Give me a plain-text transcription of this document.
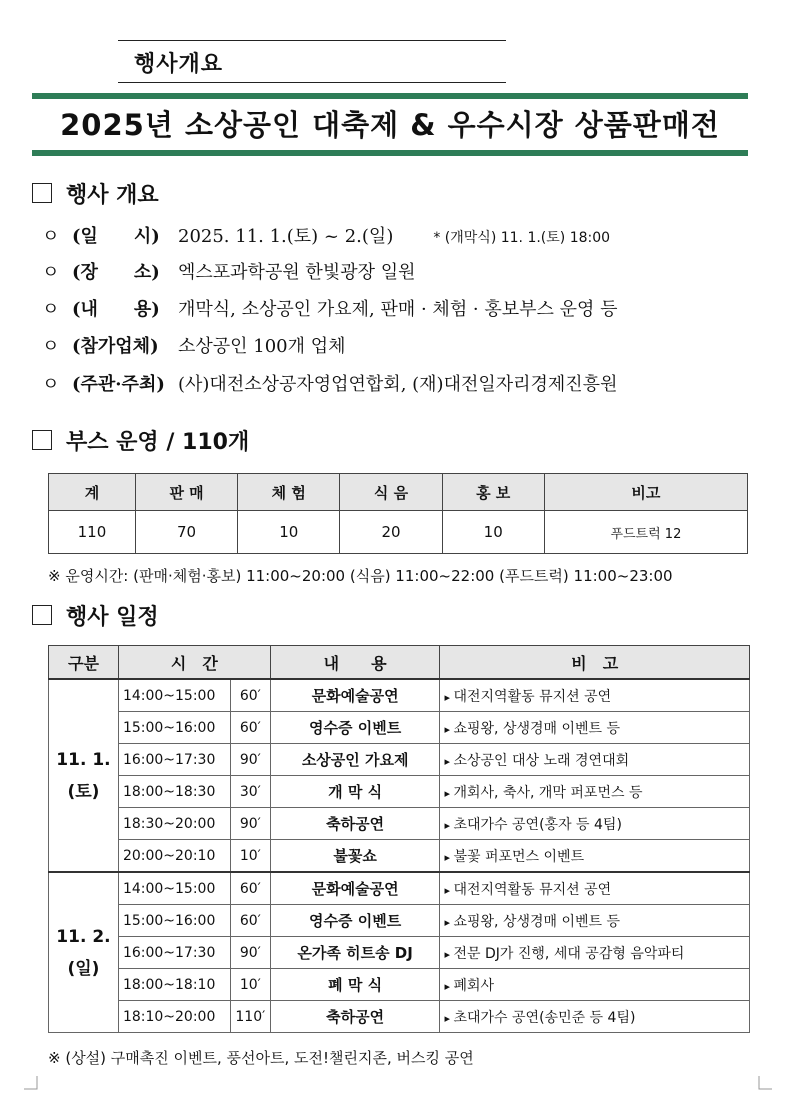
행사개요
2025년 소상공인 대축제 & 우수시장 상품판매전
행사 개요
ㅇ (일　　시) 2025. 11. 1.(토) ~ 2.(일)	* (개막식) 11. 1.(토) 18:00
ㅇ (장　　소) 엑스포과학공원 한빛광장 일원
ㅇ (내　　용) 개막식, 소상공인 가요제, 판매 · 체험 · 홍보부스 운영 등
ㅇ (참가업체) 소상공인 100개 업체
ㅇ (주관·주최) (사)대전소상공자영업연합회, (재)대전일자리경제진흥원
부스 운영 / 110개
계	판 매	체 험	식 음	홍 보	비고
110	70	10	20	10	푸드트럭 12
※ 운영시간: (판매·체험·홍보) 11:00~20:00 (식음) 11:00~22:00 (푸드트럭) 11:00~23:00
행사 일정
구분	시　간		내　　용	비　고

11. 1.
(토)	14:00~15:00	60′	문화예술공연	▸ 대전지역활동 뮤지션 공연
	15:00~16:00	60′	영수증 이벤트	▸ 쇼핑왕, 상생경매 이벤트 등
	16:00~17:30	90′	소상공인 가요제	▸ 소상공인 대상 노래 경연대회
	18:00~18:30	30′	개 막 식	▸ 개회사, 축사, 개막 퍼포먼스 등
	18:30~20:00	90′	축하공연	▸ 초대가수 공연(홍자 등 4팀)
	20:00~20:10	10′	불꽃쇼	▸ 불꽃 퍼포먼스 이벤트

11. 2.
(일)	14:00~15:00	60′	문화예술공연	▸ 대전지역활동 뮤지션 공연
	15:00~16:00	60′	영수증 이벤트	▸ 쇼핑왕, 상생경매 이벤트 등
	16:00~17:30	90′	온가족 히트송 DJ	▸ 전문 DJ가 진행, 세대 공감형 음악파티
	18:00~18:10	10′	폐 막 식	▸ 폐회사
	18:10~20:00	110′	축하공연	▸ 초대가수 공연(송민준 등 4팀)
※ (상설) 구매촉진 이벤트, 풍선아트, 도전!챌린지존, 버스킹 공연
